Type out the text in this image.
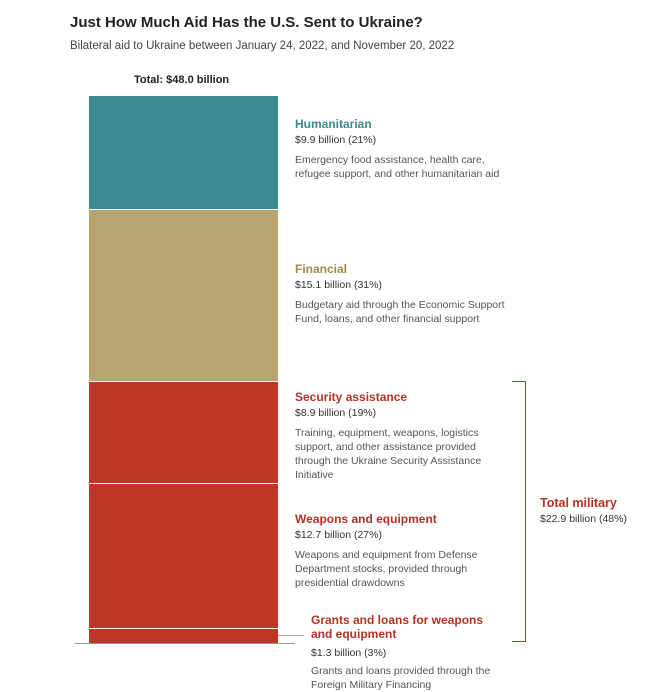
Just How Much Aid Has the U.S. Sent to Ukraine?
Bilateral aid to Ukraine between January 24, 2022, and November 20, 2022
Total: $48.0 billion
Humanitarian
$9.9 billion (21%)
Emergency food assistance, health care,
refugee support, and other humanitarian aid
Financial
$15.1 billion (31%)
Budgetary aid through the Economic Support
Fund, loans, and other financial support
Security assistance
$8.9 billion (19%)
Training, equipment, weapons, logistics
support, and other assistance provided
through the Ukraine Security Assistance
Initiative
Weapons and equipment
$12.7 billion (27%)
Weapons and equipment from Defense
Department stocks, provided through
presidential drawdowns
Grants and loans for weapons
and equipment
$1.3 billion (3%)
Grants and loans provided through the
Foreign Military Financing
Total military
$22.9 billion (48%)
